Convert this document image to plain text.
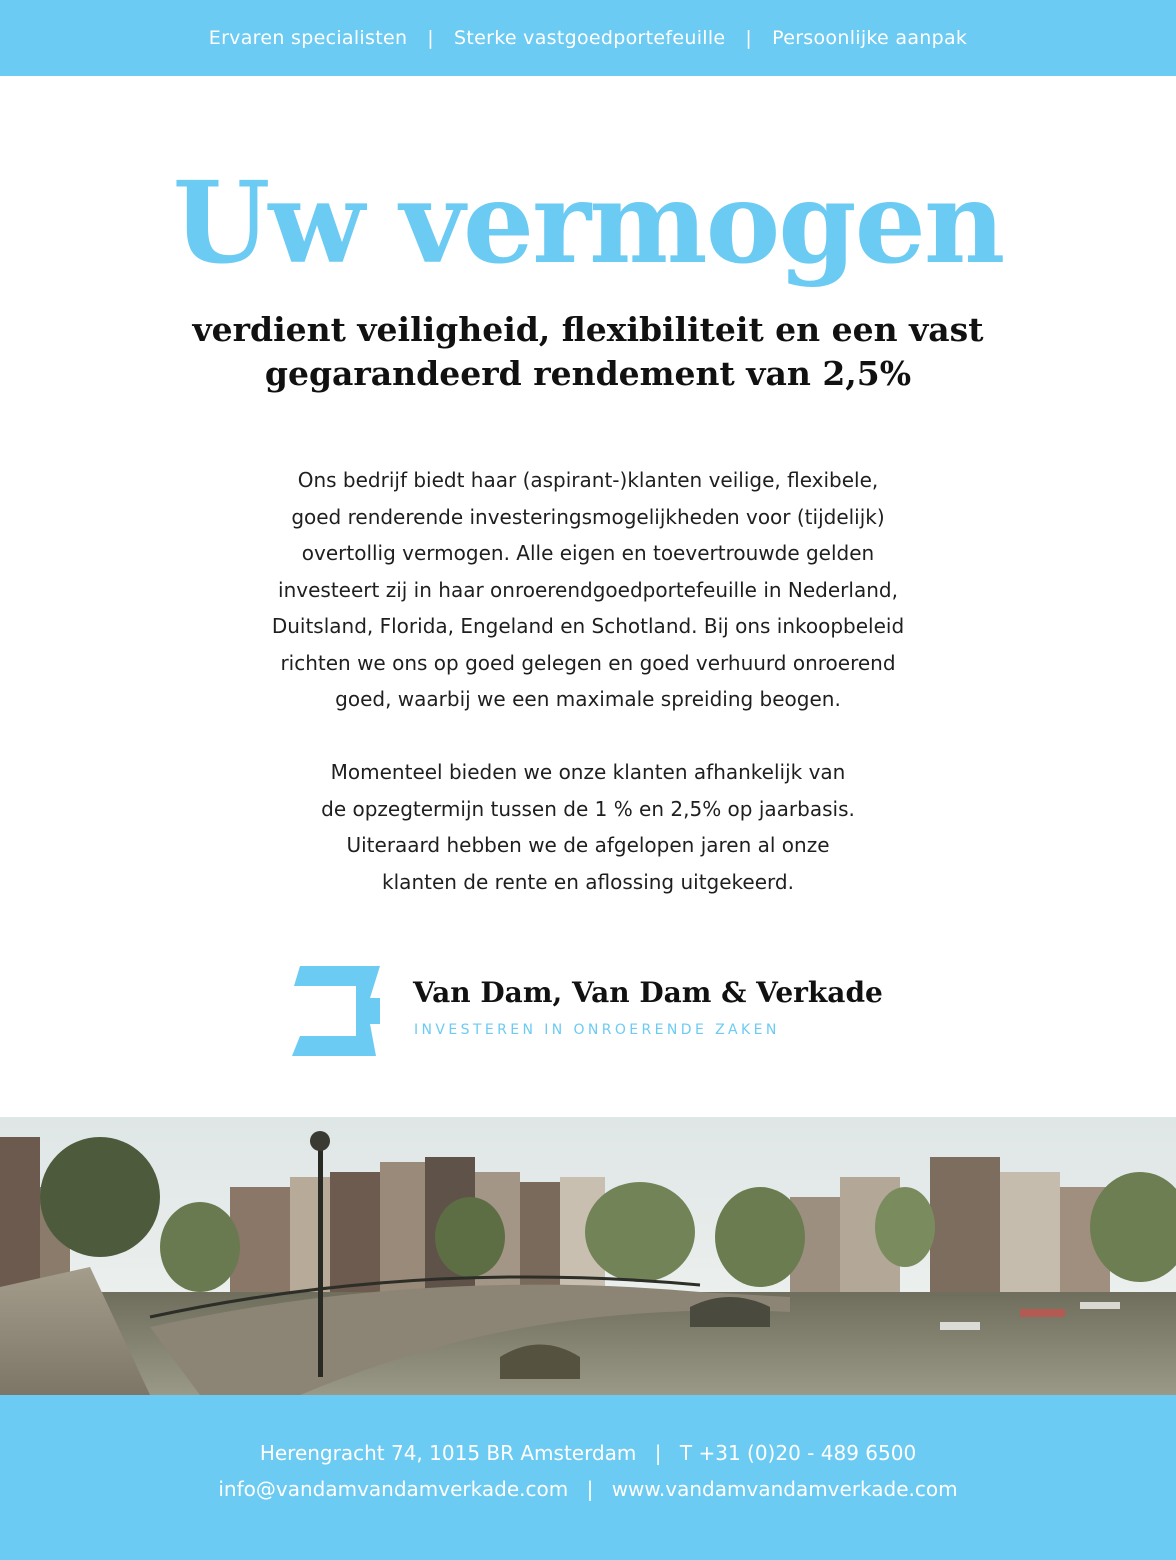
Ervaren specialisten | Sterke vastgoedportefeuille | Persoonlijke aanpak
Uw vermogen
verdient veiligheid, flexibiliteit en een vast
gegarandeerd rendement van 2,5%
Ons bedrijf biedt haar (aspirant-)klanten veilige, flexibele,
goed renderende investeringsmogelijkheden voor (tijdelijk)
overtollig vermogen. Alle eigen en toevertrouwde gelden
investeert zij in haar onroerendgoedportefeuille in Nederland,
Duitsland, Florida, Engeland en Schotland. Bij ons inkoopbeleid
richten we ons op goed gelegen en goed verhuurd onroerend
goed, waarbij we een maximale spreiding beogen.
Momenteel bieden we onze klanten afhankelijk van
de opzegtermijn tussen de 1 % en 2,5% op jaarbasis.
Uiteraard hebben we de afgelopen jaren al onze
klanten de rente en aflossing uitgekeerd.
Van Dam, Van Dam & Verkade
INVESTEREN IN ONROERENDE ZAKEN
Herengracht 74, 1015 BR Amsterdam | T +31 (0)20 - 489 6500
info@vandamvandamverkade.com | www.vandamvandamverkade.com
